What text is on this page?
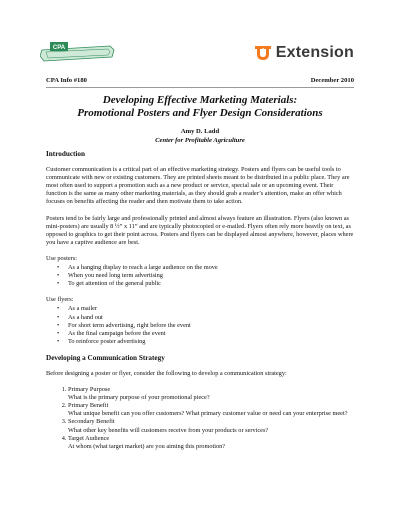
CPA	Extension
CPA Info #180	December 2010
Developing Effective Marketing Materials:
Promotional Posters and Flyer Design Considerations
Amy D. Ladd
Center for Profitable Agriculture
Introduction

Customer communication is a critical part of an effective marketing strategy. Posters and flyers can be useful tools to communicate with new or existing customers. They are printed sheets meant to be distributed in a public place. They are most often used to support a promotion such as a new product or service, special sale or an upcoming event. Their function is the same as many other marketing materials, as they should grab a reader’s attention, make an offer which focuses on benefits affecting the reader and then motivate them to take action.

Posters tend to be fairly large and professionally printed and almost always feature an illustration. Flyers (also known as mini-posters) are usually 8 ½” x 11” and are typically photocopied or e-mailed. Flyers often rely more heavily on text, as opposed to graphics to get their point across. Posters and flyers can be displayed almost anywhere, however, places where you have a captive audience are best.

Use posters:
• As a hanging display to reach a large audience on the move
• When you need long term advertising
• To get attention of the general public
Use flyers:
• As a mailer
• As a hand out
• For short term advertising, right before the event
• As the final campaign before the event
• To reinforce poster advertising
Developing a Communication Strategy

Before designing a poster or flyer, consider the following to develop a communication strategy:

1. Primary Purpose
What is the primary purpose of your promotional piece?
2. Primary Benefit
What unique benefit can you offer customers? What primary customer value or need can your enterprise meet?
3. Secondary Benefit
What other key benefits will customers receive from your products or services?
4. Target Audience
At whom (what target market) are you aiming this promotion?
